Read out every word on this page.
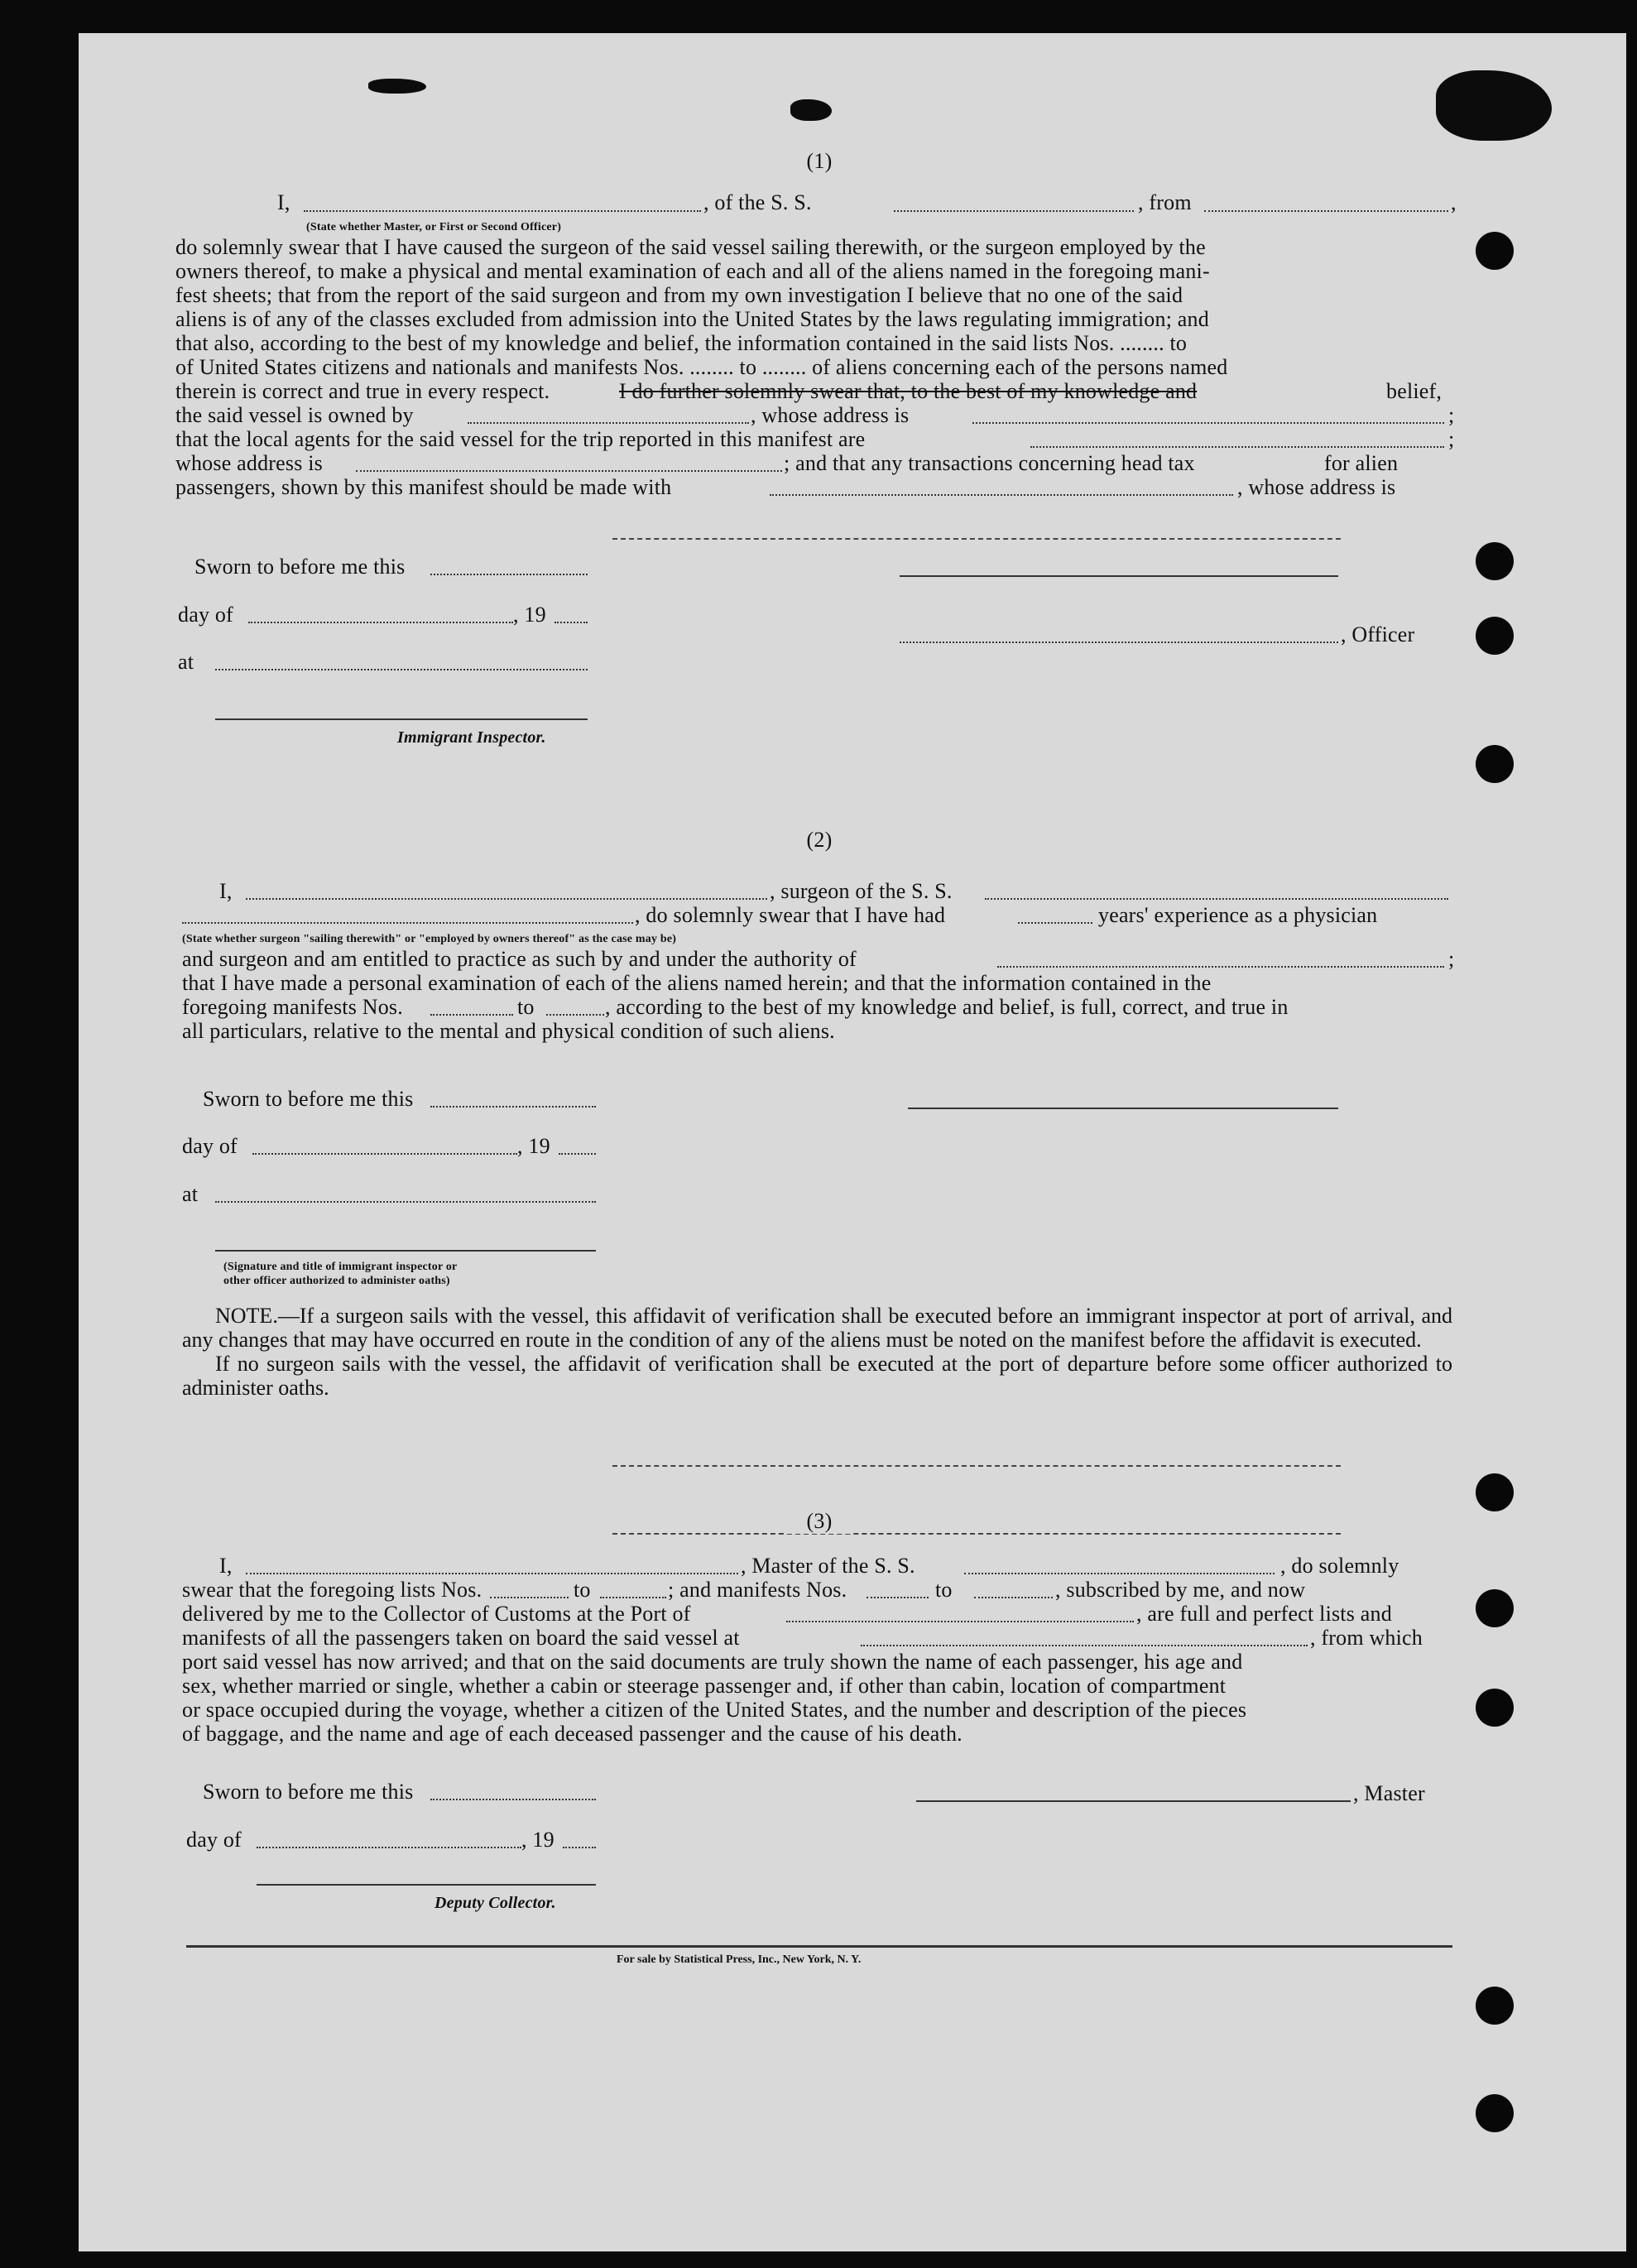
(1)
I,	, of the S. S.	, from	,
(State whether Master, or First or Second Officer)
do solemnly swear that I have caused the surgeon of the said vessel sailing therewith, or the surgeon employed by the
owners thereof, to make a physical and mental examination of each and all of the aliens named in the foregoing mani-
fest sheets; that from the report of the said surgeon and from my own investigation I believe that no one of the said
aliens is of any of the classes excluded from admission into the United States by the laws regulating immigration; and
that also, according to the best of my knowledge and belief, the information contained in the said lists Nos. ........ to
of United States citizens and nationals and manifests Nos. ........ to ........ of aliens concerning each of the persons named
therein is correct and true in every respect.	I do further solemnly swear that, to the best of my knowledge and	belief,
the said vessel is owned by	, whose address is	;
that the local agents for the said vessel for the trip reported in this manifest are	;
whose address is	; and that any transactions concerning head tax	for alien
passengers, shown by this manifest should be made with	, whose address is
Sworn to before me this
day of	, 19
, Officer
at
Immigrant Inspector.
(2)
I,	, surgeon of the S. S.
, do solemnly swear that I have had	years' experience as a physician
(State whether surgeon "sailing therewith" or "employed by owners thereof" as the case may be)
and surgeon and am entitled to practice as such by and under the authority of	;
that I have made a personal examination of each of the aliens named herein; and that the information contained in the
foregoing manifests Nos.	to	, according to the best of my knowledge and belief, is full, correct, and true in
all particulars, relative to the mental and physical condition of such aliens.
Sworn to before me this
day of	, 19
at
(Signature and title of immigrant inspector or
other officer authorized to administer oaths)
NOTE.—If a surgeon sails with the vessel, this affidavit of verification shall be executed before an immigrant inspector at port of arrival, and any changes that may have occurred en route in the condition of any of the aliens must be noted on the manifest before the affidavit is executed.
If no surgeon sails with the vessel, the affidavit of verification shall be executed at the port of departure before some officer authorized to administer oaths.
(3)
I,	, Master of the S. S.	, do solemnly
swear that the foregoing lists Nos.	to	; and manifests Nos.	to	, subscribed by me, and now
delivered by me to the Collector of Customs at the Port of	, are full and perfect lists and
manifests of all the passengers taken on board the said vessel at	, from which
port said vessel has now arrived; and that on the said documents are truly shown the name of each passenger, his age and
sex, whether married or single, whether a cabin or steerage passenger and, if other than cabin, location of compartment
or space occupied during the voyage, whether a citizen of the United States, and the number and description of the pieces
of baggage, and the name and age of each deceased passenger and the cause of his death.
Sworn to before me this	, Master
day of	, 19
Deputy Collector.
For sale by Statistical Press, Inc., New York, N. Y.
